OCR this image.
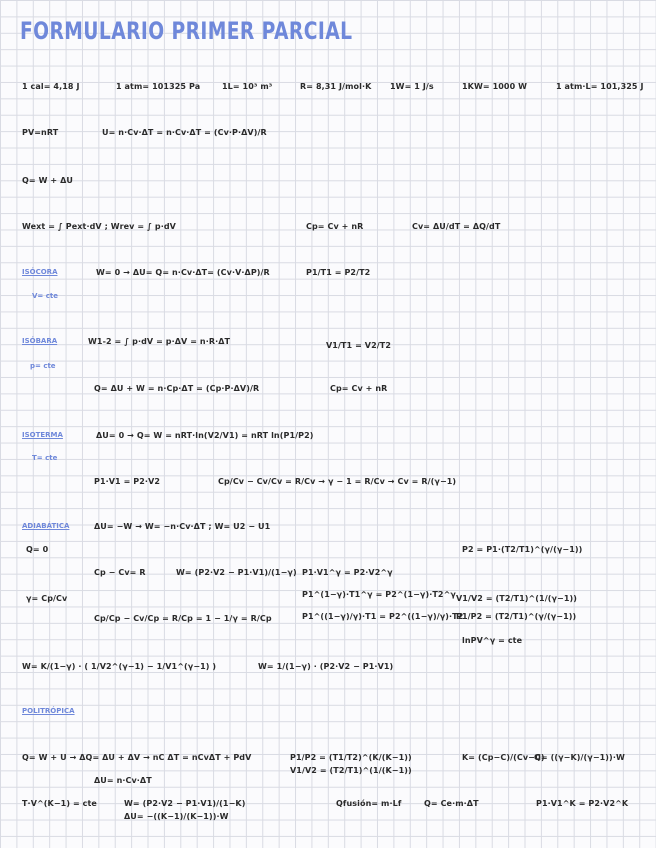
FORMULARIO PRIMER PARCIAL
1 cal= 4,18 J	1 atm= 101325 Pa	1L= 10³ m³	R= 8,31 J/mol·K 1W= 1 J/s	1KW= 1000 W	1 atm·L= 101,325 J
PV=nRT	U= n·Cv·ΔT = n·Cv·ΔT = (Cv·P·ΔV)/R
Q= W + ΔU
Wext = ∫ Pext·dV ; Wrev = ∫ p·dV	Cp= Cv + nR	Cv= ΔU/dT = ΔQ/dT
ISÓCORA
V= cte
W= 0 → ΔU= Q= n·Cv·ΔT= (Cv·V·ΔP)/R	P1/T1 = P2/T2
ISÓBARA
p= cte
W1-2 = ∫ p·dV = p·ΔV = n·R·ΔT	V1/T1 = V2/T2
Q= ΔU + W = n·Cp·ΔT = (Cp·P·ΔV)/R	Cp= Cv + nR
ISOTERMA
T= cte
ΔU= 0 → Q= W = nRT·ln(V2/V1) = nRT ln(P1/P2)
P1·V1 = P2·V2	Cp/Cv − Cv/Cv = R/Cv → γ − 1 = R/Cv → Cv = R/(γ−1)
ADIABÁTICA
Q= 0
ΔU= −W → W= −n·Cv·ΔT ; W= U2 − U1
P2 = P1·(T2/T1)^(γ/(γ−1))
Cp − Cv= R	W= (P2·V2 − P1·V1)/(1−γ) P1·V1^γ = P2·V2^γ
γ= Cp/Cv	P1^(1−γ)·T1^γ = P2^(1−γ)·T2^γ V1/V2 = (T2/T1)^(1/(γ−1))
Cp/Cp − Cv/Cp = R/Cp = 1 − 1/γ = R/Cp	P1^((1−γ)/γ)·T1 = P2^((1−γ)/γ)·T2
P1/P2 = (T2/T1)^(γ/(γ−1))
lnPV^γ = cte
W= K/(1−γ) · ( 1/V2^(γ−1) − 1/V1^(γ−1) )	W= 1/(1−γ) · (P2·V2 − P1·V1)
POLITRÓPICA
Q= W + U → ΔQ= ΔU + ΔV → nC ΔT = nCvΔT + PdV	P1/P2 = (T1/T2)^(K/(K−1))
V1/V2 = (T2/T1)^(1/(K−1))
K= (Cp−C)/(Cv−C)
Q= ((γ−K)/(γ−1))·W
ΔU= n·Cv·ΔT
T·V^(K−1) = cte	W= (P2·V2 − P1·V1)/(1−K)
ΔU= −((K−1)/(K−1))·W
Qfusión= m·Lf	Q= Ce·m·ΔT	P1·V1^K = P2·V2^K
